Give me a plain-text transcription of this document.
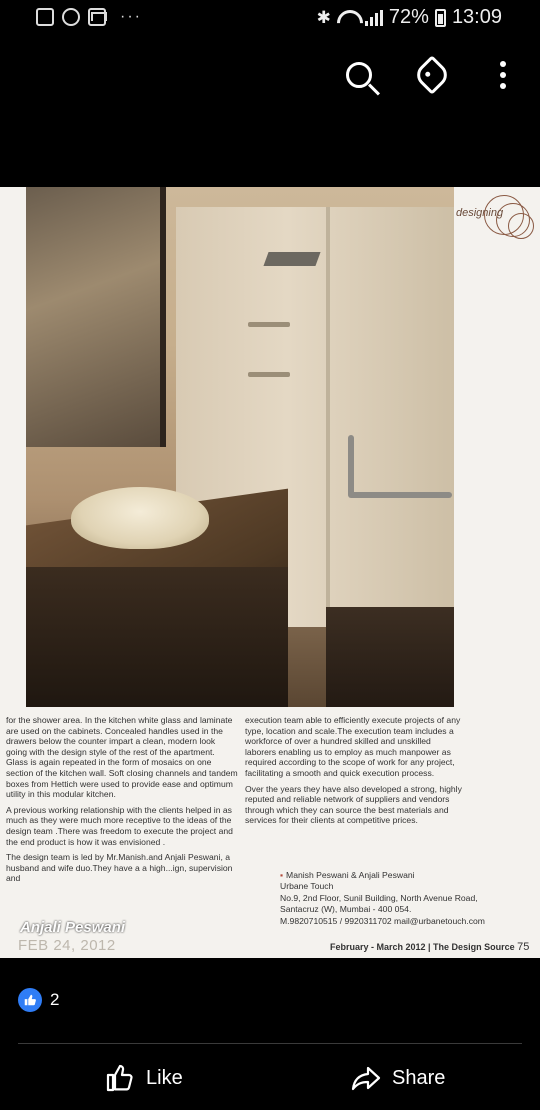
···	✱	72% 13:09
designing

for the shower area. In the kitchen white glass and laminate are used on the cabinets. Concealed handles used in the drawers below the counter impart a clean, modern look going with the design style of the rest of the apartment. Glass is again repeated in the form of mosaics on one section of the kitchen wall. Soft closing channels and tandem boxes from Hettich were used to provide ease and optimum utility in this modular kitchen.

A previous working relationship with the clients helped in as much as they were much more receptive to the ideas of the design team .There was freedom to execute the project and the end product is how it was envisioned .

The design team is led by Mr.Manish.and Anjali Peswani, a husband and wife duo.They have a a high...ign, supervision and

execution team able to efficiently execute projects of any type, location and scale.The execution team includes a workforce of over a hundred skilled and unskilled laborers enabling us to employ as much manpower as required according to the scope of work for any project, facilitating a smooth and quick execution process.

Over the years they have also developed a strong, highly reputed and reliable network of suppliers and vendors through which they can source the best materials and services for their clients at competitive prices.

▪ Manish Peswani & Anjali Peswani
Urbane Touch
No.9, 2nd Floor, Sunil Building, North Avenue Road,
Santacruz (W), Mumbai - 400 054.
M.9820710515 / 9920311702 mail@urbanetouch.com
February - March 2012 | The Design Source 75
Anjali Peswani
FEB 24, 2012
2
Like	Share
